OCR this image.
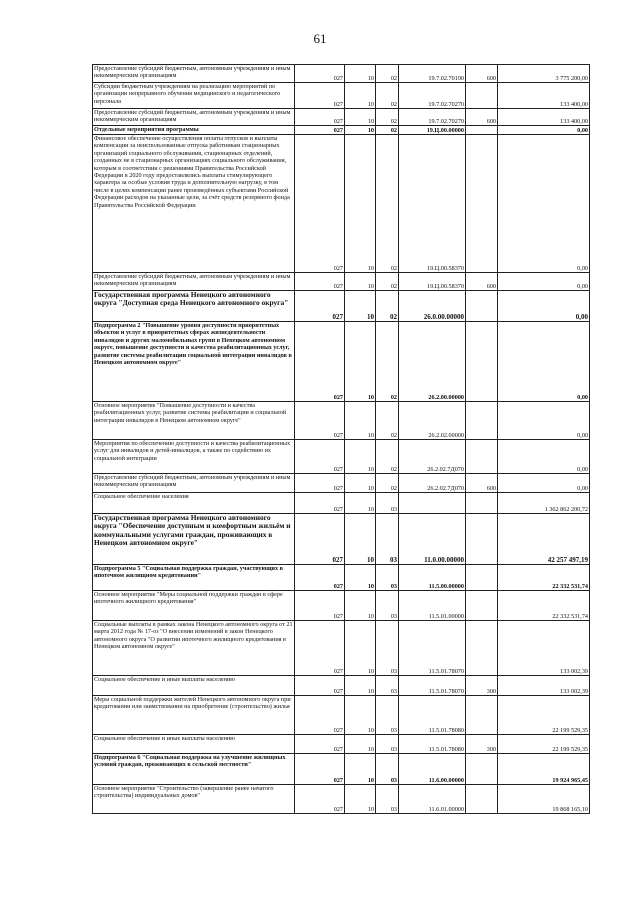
61
Предоставление субсидий бюджетным, автономным учреждениям и иным некоммерческим организациям	027	10	02	19.7.02.70190	600	3 775 200,00
Субсидии бюджетным учреждениям на реализацию мероприятий по организации непрерывного обучения медицинского и педагогического персонала	027	10	02	19.7.02.70270		133 400,00
Предоставление субсидий бюджетным, автономным учреждениям и иным некоммерческим организациям	027	10	02	19.7.02.70270	600	133 400,00
Отдельные мероприятия программы	027	10	02	19.Ц.00.00000		0,00
Финансовое обеспечение осуществления оплаты отпусков и выплаты компенсации за неиспользованные отпуска работникам стационарных организаций социального обслуживания, стационарных отделений, созданных не в стационарных организациях социального обслуживания, которым в соответствии с решениями Правительства Российской Федерации в 2020 году предоставлялись выплаты стимулирующего характера за особые условия труда и дополнительную нагрузку, в том числе в целях компенсации ранее произведённых субъектами Российской Федерации расходов на указанные цели, за счёт средств резервного фонда Правительства Российской Федерации	027	10	02	19.Ц.00.58370		0,00
Предоставление субсидий бюджетным, автономным учреждениям и иным некоммерческим организациям	027	10	02	19.Ц.00.58370	600	0,00
Государственная программа Ненецкого автономного округа "Доступная среда Ненецкого автономного округа"	027	10	02	26.0.00.00000		0,00
Подпрограмма 2 "Повышение уровня доступности приоритетных объектов и услуг в приоритетных сферах жизнедеятельности инвалидов и других маломобильных групп в Ненецком автономном округе, повышение доступности и качества реабилитационных услуг, развитие системы реабилитации социальной интеграции инвалидов в Ненецком автономном округе"	027	10	02	26.2.00.00000		0,00
Основное мероприятие "Повышение доступности и качества реабилитационных услуг, развитие системы реабилитации и социальной интеграции инвалидов в Ненецком автономном округе"	027	10	02	26.2.02.00000		0,00
Мероприятия по обеспечению доступности и качества реабилитационных услуг для инвалидов и детей-инвалидов, а также по содействию их социальной интеграции	027	10	02	26.2.02.7Д070		0,00
Предоставление субсидий бюджетным, автономным учреждениям и иным некоммерческим организациям	027	10	02	26.2.02.7Д070	600	0,00
Социальное обеспечение населения	027	10	03			1 362 862 200,72
Государственная программа Ненецкого автономного округа "Обеспечение доступным и комфортным жильём и коммунальными услугами граждан, проживающих в Ненецком автономном округе"	027	10	03	11.0.00.00000		42 257 497,19
Подпрограмма 5 "Социальная поддержка граждан, участвующих в ипотечном жилищном кредитовании"	027	10	03	11.5.00.00000		22 332 531,74
Основное мероприятие "Меры социальной поддержки граждан в сфере ипотечного жилищного кредитования"	027	10	03	11.5.01.00000		22 332 531,74
Социальные выплаты в рамках закона Ненецкого автономного округа от 21 марта 2012 года № 17-оз "О внесении изменений в закон Ненецкого автономного округа "О развитии ипотечного жилищного кредитования в Ненецком автономном округе"	027	10	03	11.5.01.78070		133 002,39
Социальное обеспечение и иные выплаты населению	027	10	03	11.5.01.78070	300	133 002,39
Меры социальной поддержки жителей Ненецкого автономного округа при кредитовании или заимствовании на приобретение (строительство) жилья	027	10	03	11.5.01.78080		22 199 529,35
Социальное обеспечение и иные выплаты населению	027	10	03	11.5.01.78080	300	22 199 529,35
Подпрограмма 6 "Социальная поддержка на улучшение жилищных условий граждан, проживающих в сельской местности"	027	10	03	11.6.00.00000		19 924 965,45
Основное мероприятие "Строительство (завершение ранее начатого строительства) индивидуальных домов"	027	10	03	11.6.01.00000		19 868 165,10
